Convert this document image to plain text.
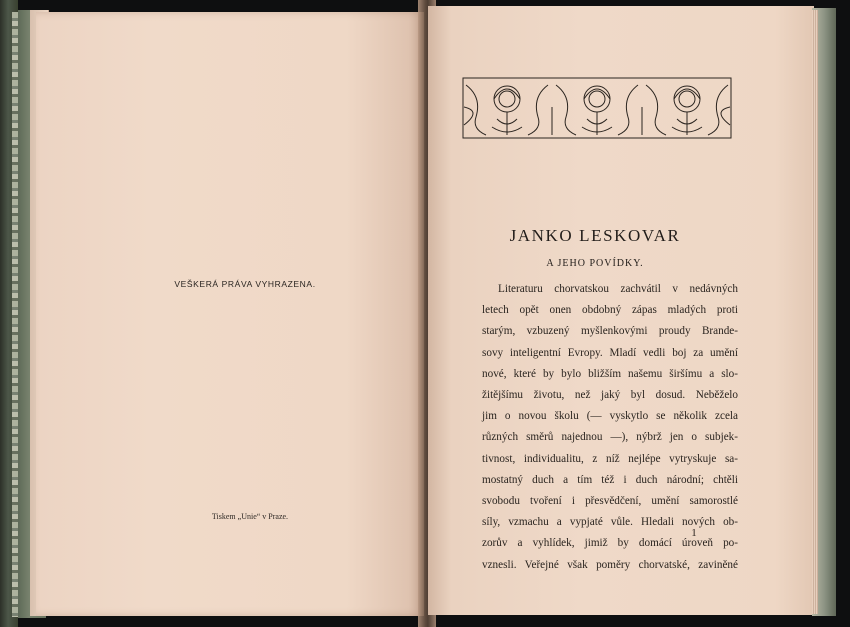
VEŠKERÁ PRÁVA VYHRAZENA.
Tiskem „Unie“ v Praze.
JANKO LESKOVAR
A JEHO POVÍDKY.
Literaturu chorvatskou zachvátil v nedávných
letech opět onen obdobný zápas mladých proti
starým, vzbuzený myšlenkovými proudy Brande-
sovy inteligentní Evropy. Mladí vedli boj za umění
nové, které by bylo bližším našemu širšímu a slo-
žitějšímu životu, než jaký byl dosud. Neběželo
jim o novou školu (— vyskytlo se několik zcela
různých směrů najednou —), nýbrž jen o subjek-
tivnost, individualitu, z níž nejlépe vytryskuje sa-
mostatný duch a tím též i duch národní; chtěli
svobodu tvoření i přesvědčení, umění samorostlé
síly, vzmachu a vypjaté vůle. Hledali nových ob-
zorův a vyhlídek, jimiž by domácí úroveň po-
vznesli. Veřejné však poměry chorvatské, zaviněné
1
